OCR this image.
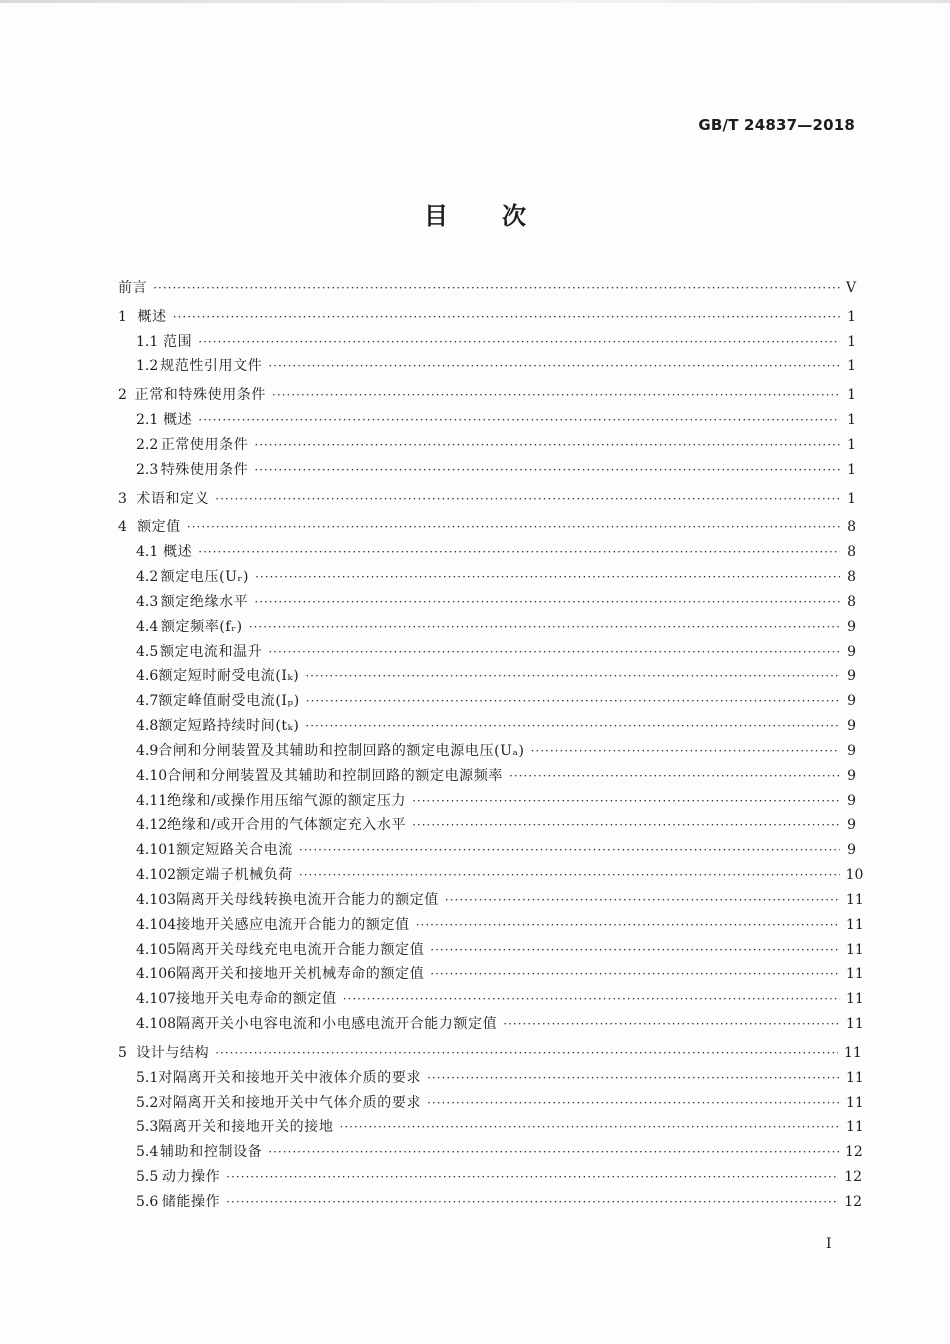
GB/T 24837—2018
目次
前言 ·····	V
1 概述 ·····	1
1.1 范围 ·····	1
1.2 规范性引用文件 ·····	1
2 正常和特殊使用条件 ·····	1
2.1 概述 ·····	1
2.2 正常使用条件 ·····	1
2.3 特殊使用条件 ·····	1
3 术语和定义 ·····	1
4 额定值 ·····	8
4.1 概述 ·····	8
4.2 额定电压(Uᵣ) ·····	8
4.3 额定绝缘水平 ·····	8
4.4 额定频率(fᵣ) ·····	9
4.5 额定电流和温升 ·····	9
4.6 额定短时耐受电流(Iₖ) ·····	9
4.7 额定峰值耐受电流(Iₚ) ·····	9
4.8 额定短路持续时间(tₖ) ·····	9
4.9 合闸和分闸装置及其辅助和控制回路的额定电源电压(Uₐ) ·····	9
4.10 合闸和分闸装置及其辅助和控制回路的额定电源频率 ·····	9
4.11 绝缘和/或操作用压缩气源的额定压力 ·····	9
4.12 绝缘和/或开合用的气体额定充入水平 ·····	9
4.101 额定短路关合电流 ·····	9
4.102 额定端子机械负荷 ·····	10
4.103 隔离开关母线转换电流开合能力的额定值 ·····	11
4.104 接地开关感应电流开合能力的额定值 ·····	11
4.105 隔离开关母线充电电流开合能力额定值 ·····	11
4.106 隔离开关和接地开关机械寿命的额定值 ·····	11
4.107 接地开关电寿命的额定值 ·····	11
4.108 隔离开关小电容电流和小电感电流开合能力额定值 ·····	11
5 设计与结构 ·····	11
5.1 对隔离开关和接地开关中液体介质的要求 ·····	11
5.2 对隔离开关和接地开关中气体介质的要求 ·····	11
5.3 隔离开关和接地开关的接地 ·····	11
5.4 辅助和控制设备 ·····	12
5.5 动力操作 ·····	12
5.6 储能操作 ·····	12
I
